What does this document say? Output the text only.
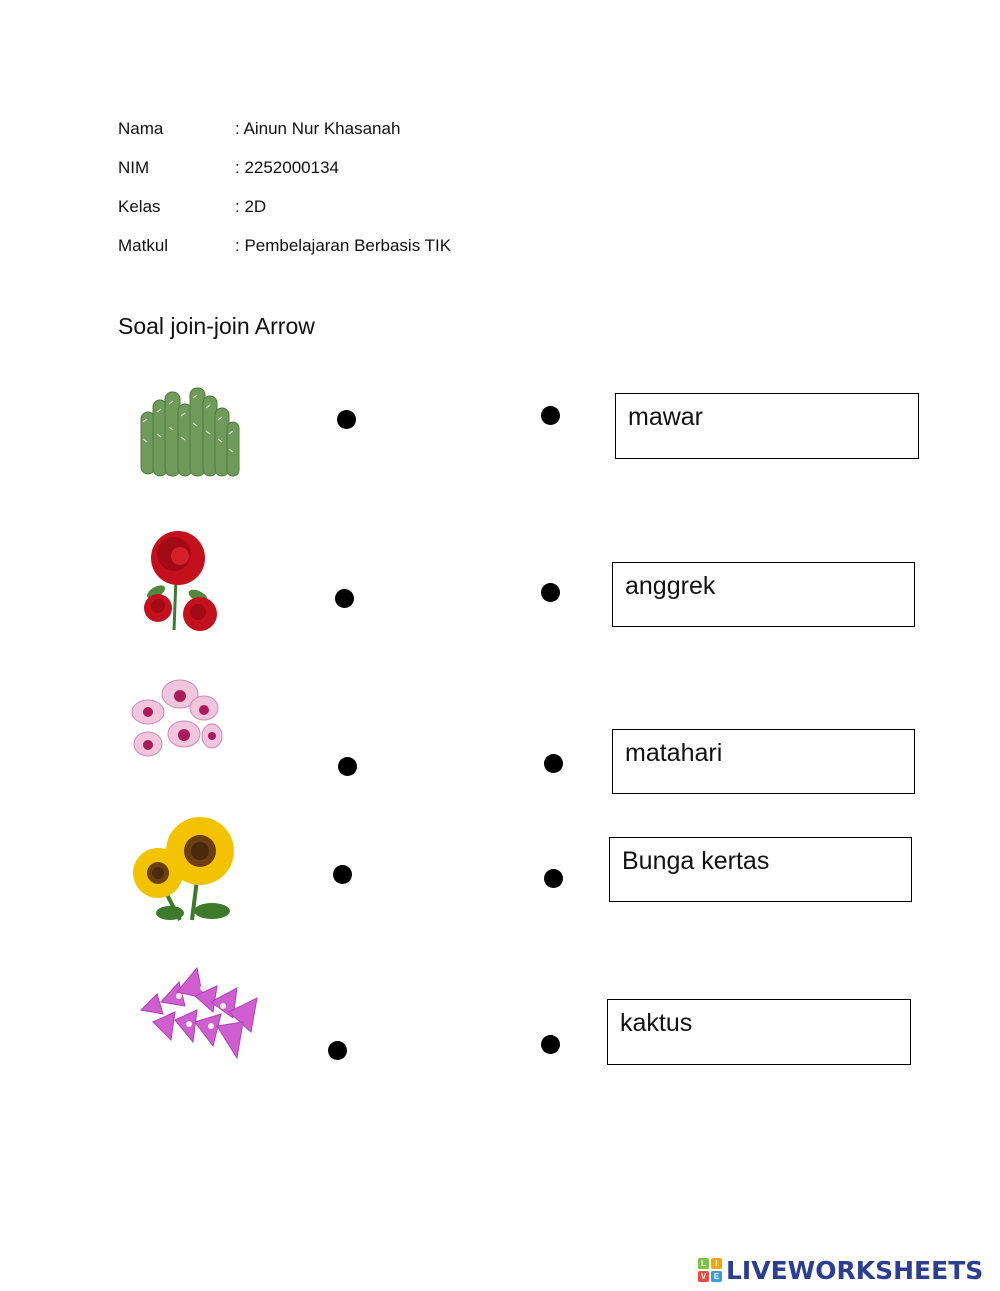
Nama	: Ainun Nur Khasanah
NIM	: 2252000134
Kelas	: 2D
Matkul	: Pembelajaran Berbasis TIK
Soal join-join Arrow
mawar
anggrek
matahari
Bunga kertas
kaktus
L	I
V E LIVEWORKSHEETS
